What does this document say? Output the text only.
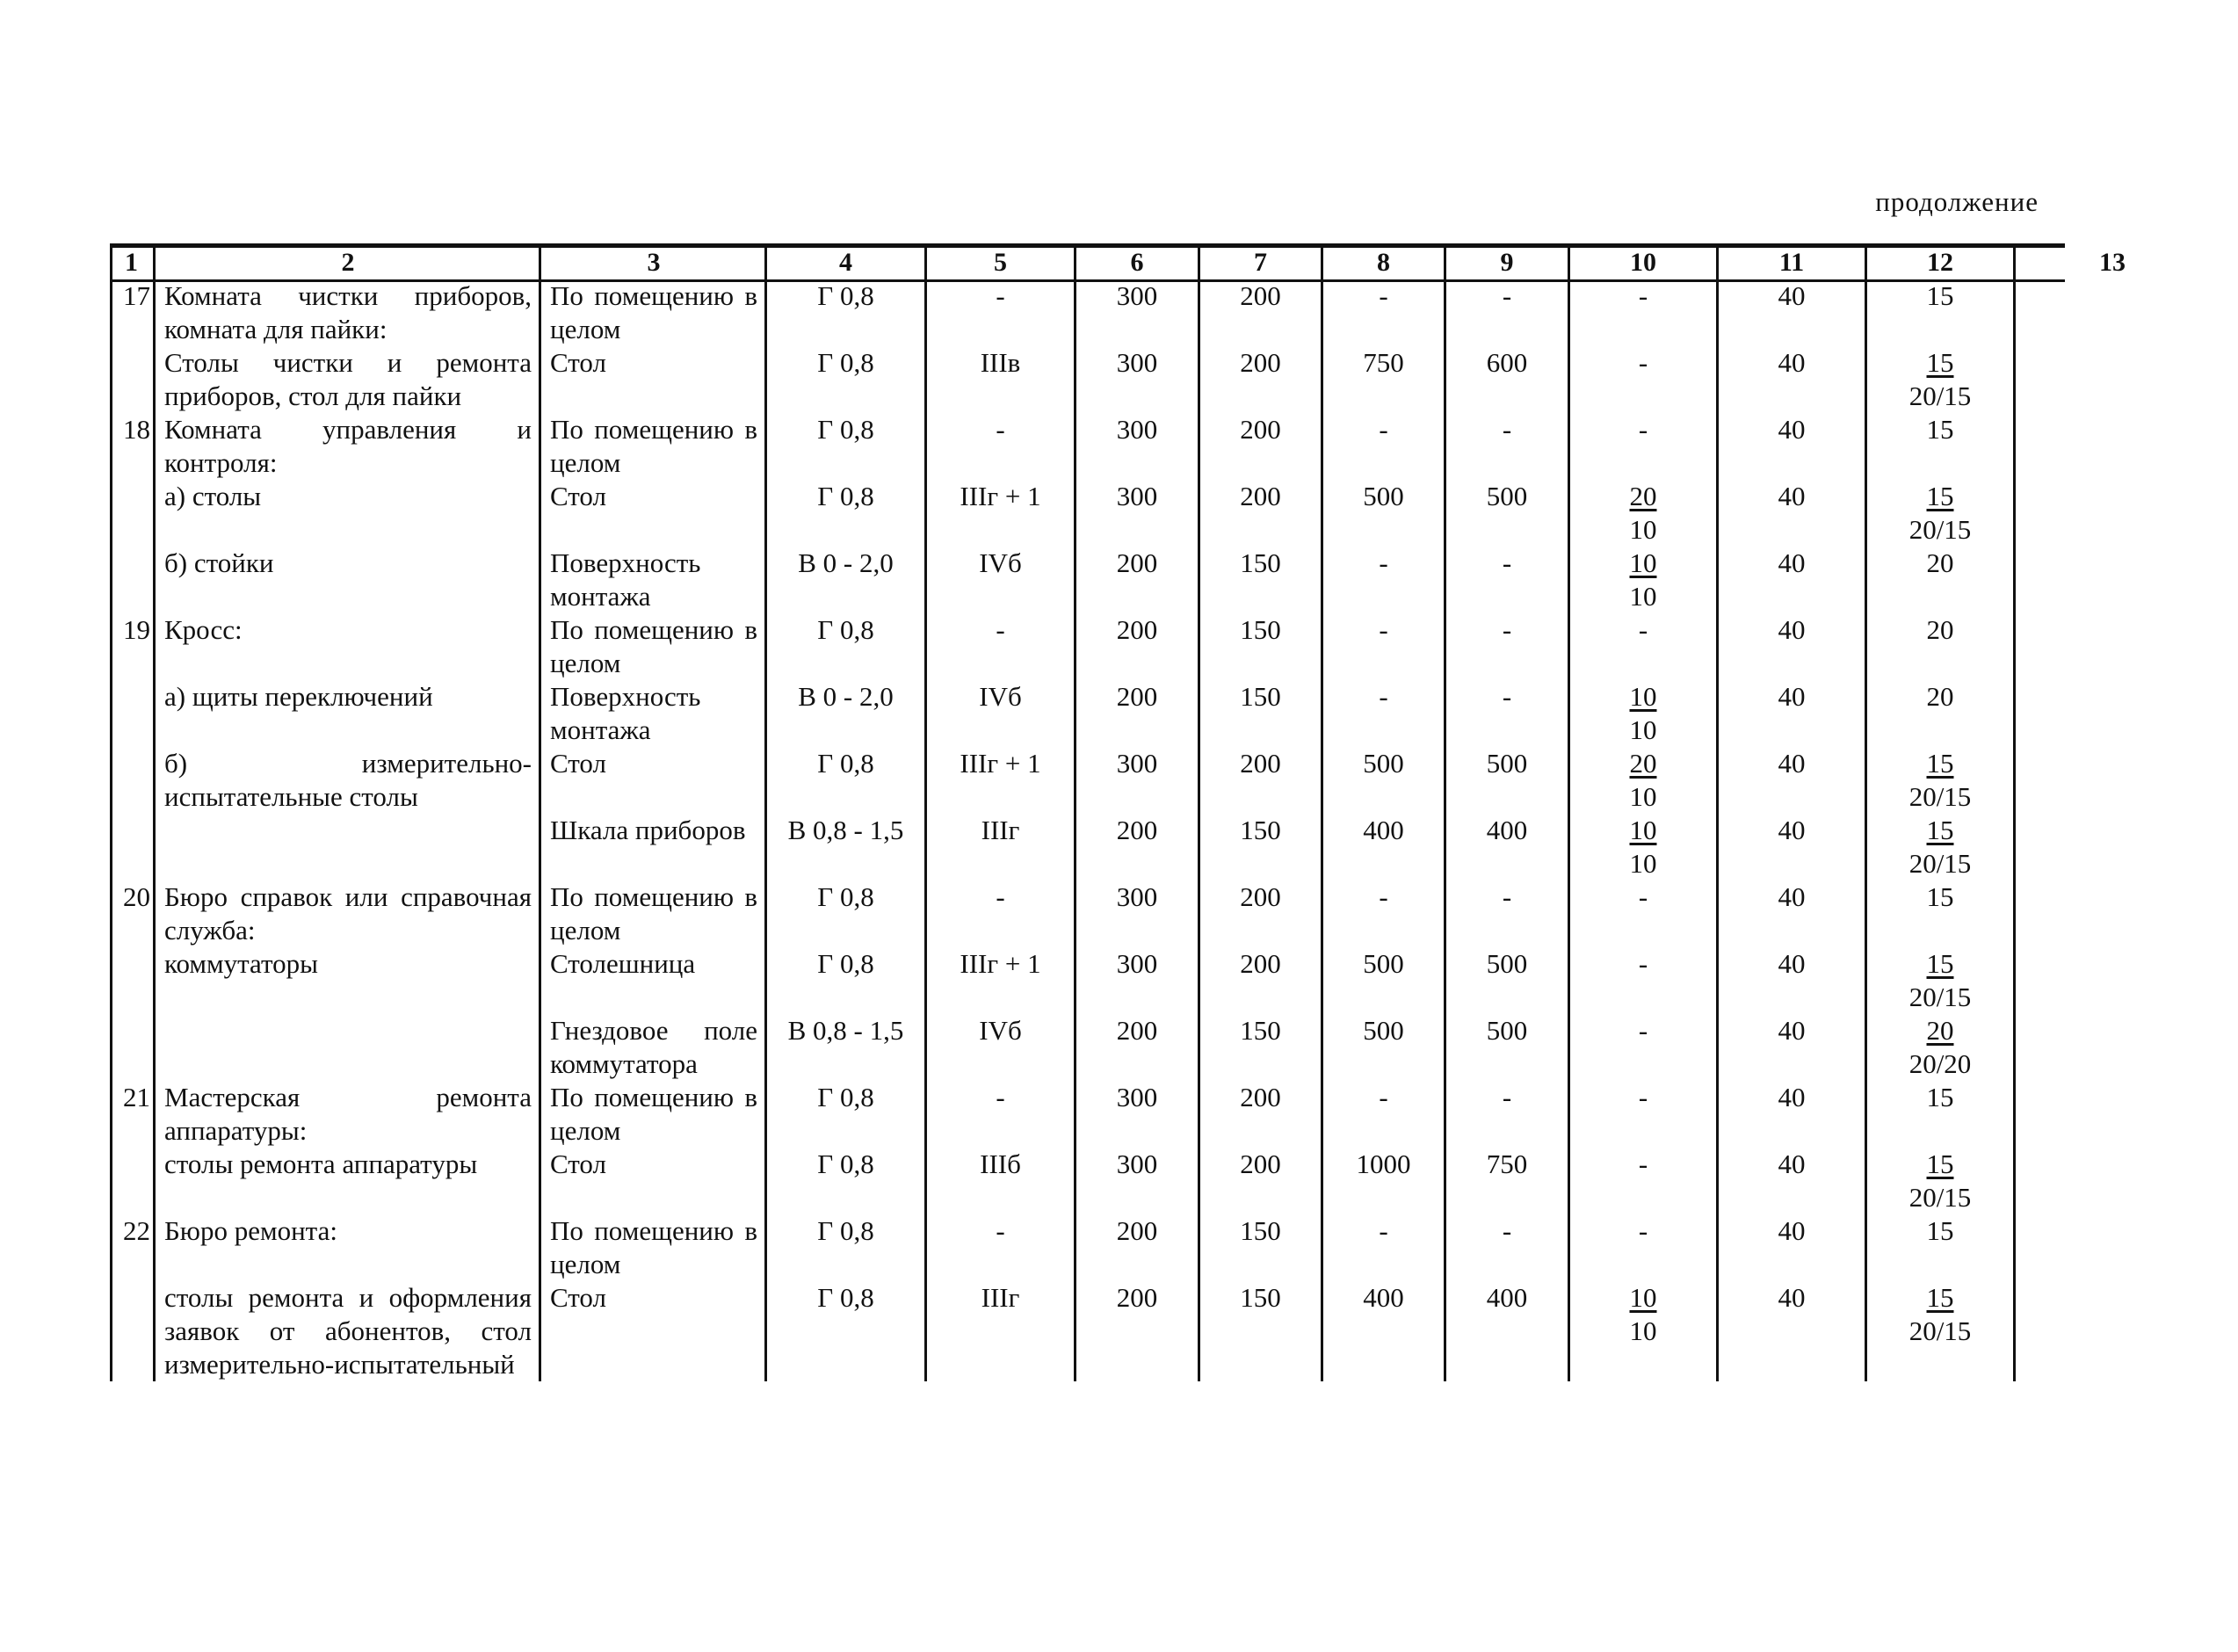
продолжение
1	2	3	4	5	6	7	8	9	10	11	12	13
17	Комната чистки приборов, комната для пайки:	По помещению в целом	Г 0,8	-	300	200	-	-	-	40	15	
	Столы чистки и ремонта приборов, стол для пайки	Стол	Г 0,8	IIIв	300	200	750	600	-	40	$\frac{15}{20/15}$

18	Комната управления и контроля:	По помещению в целом	Г 0,8	-	300	200	-	-	-	40	15	
	а) столы	Стол	Г 0,8	IIIг + 1	300	200	500	500	$\frac{20}{10}$	40	$\frac{15}{20/15}$

	б) стойки	Поверхность монтажа	В 0 - 2,0	IVб	200	150	-	-	$\frac{10}{10}$	40	20	
19	Кросс:	По помещению в целом	Г 0,8	-	200	150	-	-	-	40	20	
	а) щиты переключений	Поверхность монтажа	В 0 - 2,0	IVб	200	150	-	-	$\frac{10}{10}$	40	20	
	б) измерительно-испытательные столы	Стол	Г 0,8	IIIг + 1	300	200	500	500	$\frac{20}{10}$	40	$\frac{15}{20/15}$

		Шкала приборов	В 0,8 - 1,5	IIIг	200	150	400	400	$\frac{10}{10}$	40	$\frac{15}{20/15}$

20	Бюро справок или справочная служба:	По помещению в целом	Г 0,8	-	300	200	-	-	-	40	15	
	коммутаторы	Столешница	Г 0,8	IIIг + 1	300	200	500	500	-	40	$\frac{15}{20/15}$

		Гнездовое поле коммутатора	В 0,8 - 1,5	IVб	200	150	500	500	-	40	$\frac{20}{20/20}$

21	Мастерская ремонта аппаратуры:	По помещению в целом	Г 0,8	-	300	200	-	-	-	40	15	
	столы ремонта аппаратуры	Стол	Г 0,8	IIIб	300	200	1000	750	-	40	$\frac{15}{20/15}$

22	Бюро ремонта:	По помещению в целом	Г 0,8	-	200	150	-	-	-	40	15	
	столы ремонта и оформления заявок от абонентов, стол измерительно-испытательный	Стол	Г 0,8	IIIг	200	150	400	400	$\frac{10}{10}$	40	$\frac{15}{20/15}$
